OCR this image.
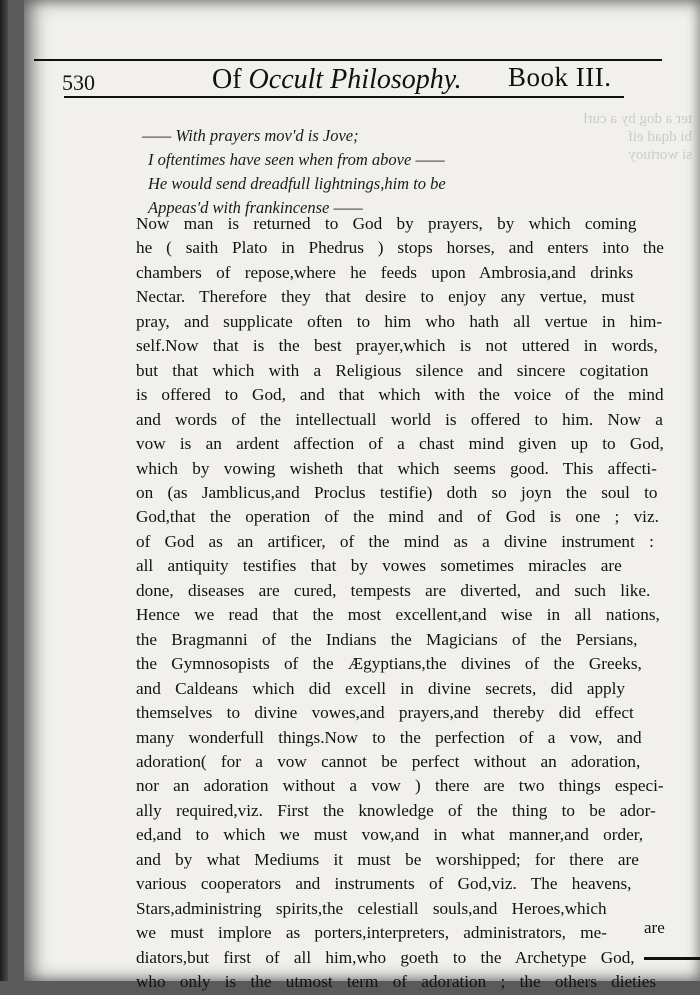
ter a dog by a curl
bi dqad eif
si wortuoy
530	Of Occult Philosophy. Book III.
—— With prayers mov'd is Jove;
I oftentimes have seen when from above ——
He would send dreadfull lightnings,him to be
Appeas'd with frankincense ——
Now man is returned to God by prayers, by which coming
he ( saith Plato in Phedrus ) stops horses, and enters into the
chambers of repose,where he feeds upon Ambrosia,and drinks
Nectar. Therefore they that desire to enjoy any vertue, must
pray, and supplicate often to him who hath all vertue in him-
self.Now that is the best prayer,which is not uttered in words,
but that which with a Religious silence and sincere cogitation
is offered to God, and that which with the voice of the mind
and words of the intellectuall world is offered to him. Now a
vow is an ardent affection of a chast mind given up to God,
which by vowing wisheth that which seems good. This affecti-
on (as Jamblicus,and Proclus testifie) doth so joyn the soul to
God,that the operation of the mind and of God is one ; viz.
of God as an artificer, of the mind as a divine instrument :
all antiquity testifies that by vowes sometimes miracles are
done, diseases are cured, tempests are diverted, and such like.
Hence we read that the most excellent,and wise in all nations,
the Bragmanni of the Indians the Magicians of the Persians,
the Gymnosopists of the Ægyptians,the divines of the Greeks,
and Caldeans which did excell in divine secrets, did apply
themselves to divine vowes,and prayers,and thereby did effect
many wonderfull things.Now to the perfection of a vow, and
adoration( for a vow cannot be perfect without an adoration,
nor an adoration without a vow ) there are two things especi-
ally required,viz. First the knowledge of the thing to be ador-
ed,and to which we must vow,and in what manner,and order,
and by what Mediums it must be worshipped; for there are
various cooperators and instruments of God,viz. The heavens,
Stars,administring spirits,the celestiall souls,and Heroes,which
we must implore as porters,interpreters, administrators, me-
diators,but first of all him,who goeth to the Archetype God,
who only is the utmost term of adoration ; the others dieties
are
